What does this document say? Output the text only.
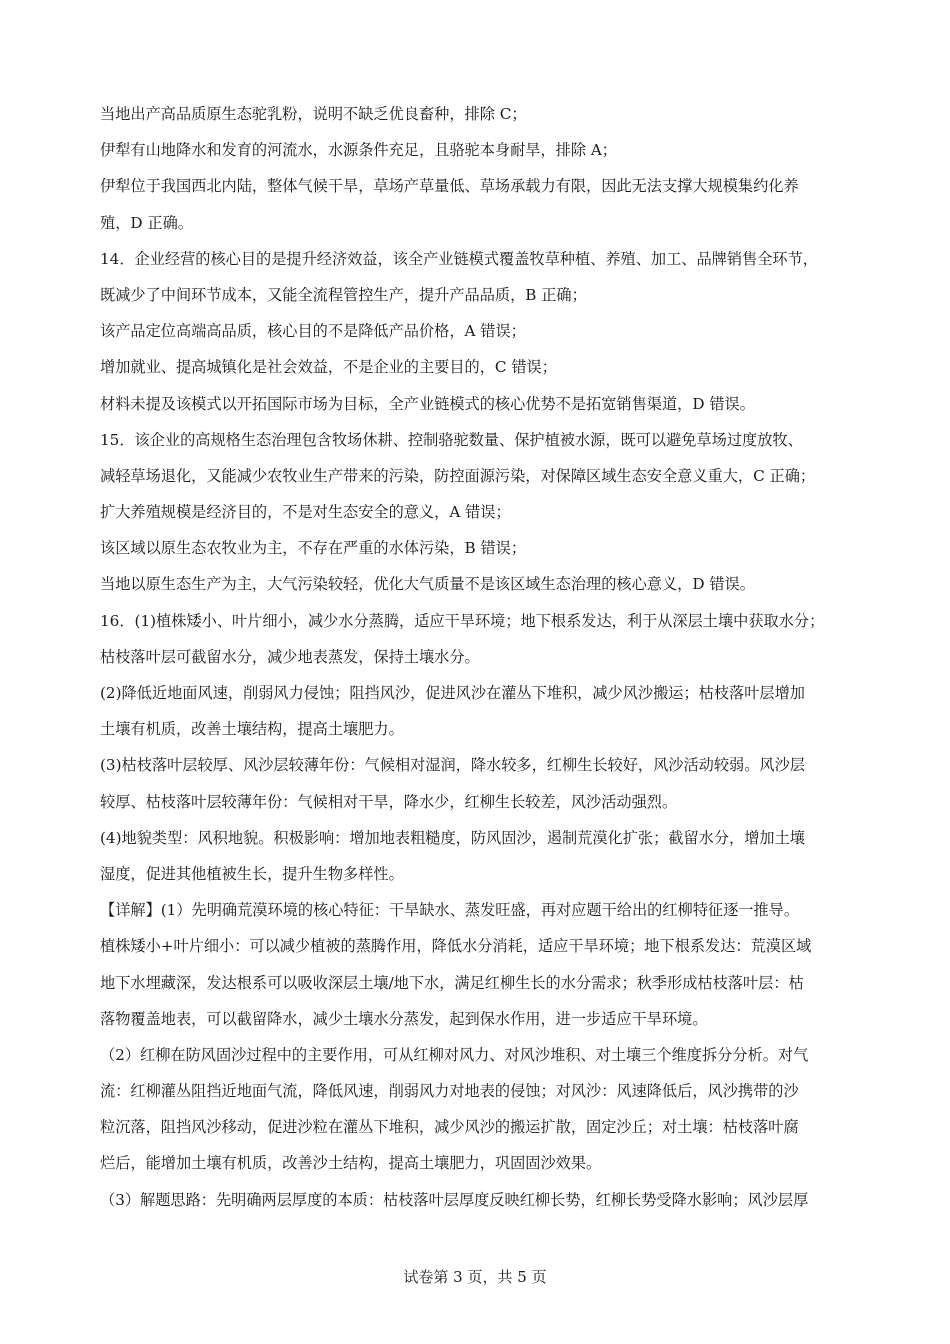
当地出产高品质原生态驼乳粉，说明不缺乏优良畜种，排除 C；
伊犁有山地降水和发育的河流水，水源条件充足，且骆驼本身耐旱，排除 A；
伊犁位于我国西北内陆，整体气候干旱，草场产草量低、草场承载力有限，因此无法支撑大规模集约化养
殖，D 正确。
14．企业经营的核心目的是提升经济效益，该全产业链模式覆盖牧草种植、养殖、加工、品牌销售全环节，
既减少了中间环节成本，又能全流程管控生产，提升产品品质，B 正确；
该产品定位高端高品质，核心目的不是降低产品价格，A 错误；
增加就业、提高城镇化是社会效益，不是企业的主要目的，C 错误；
材料未提及该模式以开拓国际市场为目标，全产业链模式的核心优势不是拓宽销售渠道，D 错误。
15．该企业的高规格生态治理包含牧场休耕、控制骆驼数量、保护植被水源，既可以避免草场过度放牧、
减轻草场退化，又能减少农牧业生产带来的污染，防控面源污染，对保障区域生态安全意义重大，C 正确；
扩大养殖规模是经济目的，不是对生态安全的意义，A 错误；
该区域以原生态农牧业为主，不存在严重的水体污染，B 错误；
当地以原生态生产为主，大气污染较轻，优化大气质量不是该区域生态治理的核心意义，D 错误。
16．(1)植株矮小、叶片细小，减少水分蒸腾，适应干旱环境；地下根系发达，利于从深层土壤中获取水分；
枯枝落叶层可截留水分，减少地表蒸发，保持土壤水分。
(2)降低近地面风速，削弱风力侵蚀；阻挡风沙，促进风沙在灌丛下堆积，减少风沙搬运；枯枝落叶层增加
土壤有机质，改善土壤结构，提高土壤肥力。
(3)枯枝落叶层较厚、风沙层较薄年份：气候相对湿润，降水较多，红柳生长较好，风沙活动较弱。风沙层
较厚、枯枝落叶层较薄年份：气候相对干旱，降水少，红柳生长较差，风沙活动强烈。
(4)地貌类型：风积地貌。积极影响：增加地表粗糙度，防风固沙，遏制荒漠化扩张；截留水分，增加土壤
湿度，促进其他植被生长，提升生物多样性。
【详解】(1）先明确荒漠环境的核心特征：干旱缺水、蒸发旺盛，再对应题干给出的红柳特征逐一推导。
植株矮小+叶片细小：可以减少植被的蒸腾作用，降低水分消耗，适应干旱环境；地下根系发达：荒漠区域
地下水埋藏深，发达根系可以吸收深层土壤/地下水，满足红柳生长的水分需求；秋季形成枯枝落叶层：枯
落物覆盖地表，可以截留降水，减少土壤水分蒸发，起到保水作用，进一步适应干旱环境。
（2）红柳在防风固沙过程中的主要作用，可从红柳对风力、对风沙堆积、对土壤三个维度拆分分析。对气
流：红柳灌丛阻挡近地面气流，降低风速，削弱风力对地表的侵蚀；对风沙：风速降低后，风沙携带的沙
粒沉落，阻挡风沙移动，促进沙粒在灌丛下堆积，减少风沙的搬运扩散，固定沙丘；对土壤：枯枝落叶腐
烂后，能增加土壤有机质，改善沙土结构，提高土壤肥力，巩固固沙效果。
（3）解题思路：先明确两层厚度的本质：枯枝落叶层厚度反映红柳长势，红柳长势受降水影响；风沙层厚
试卷第 3 页，共 5 页
